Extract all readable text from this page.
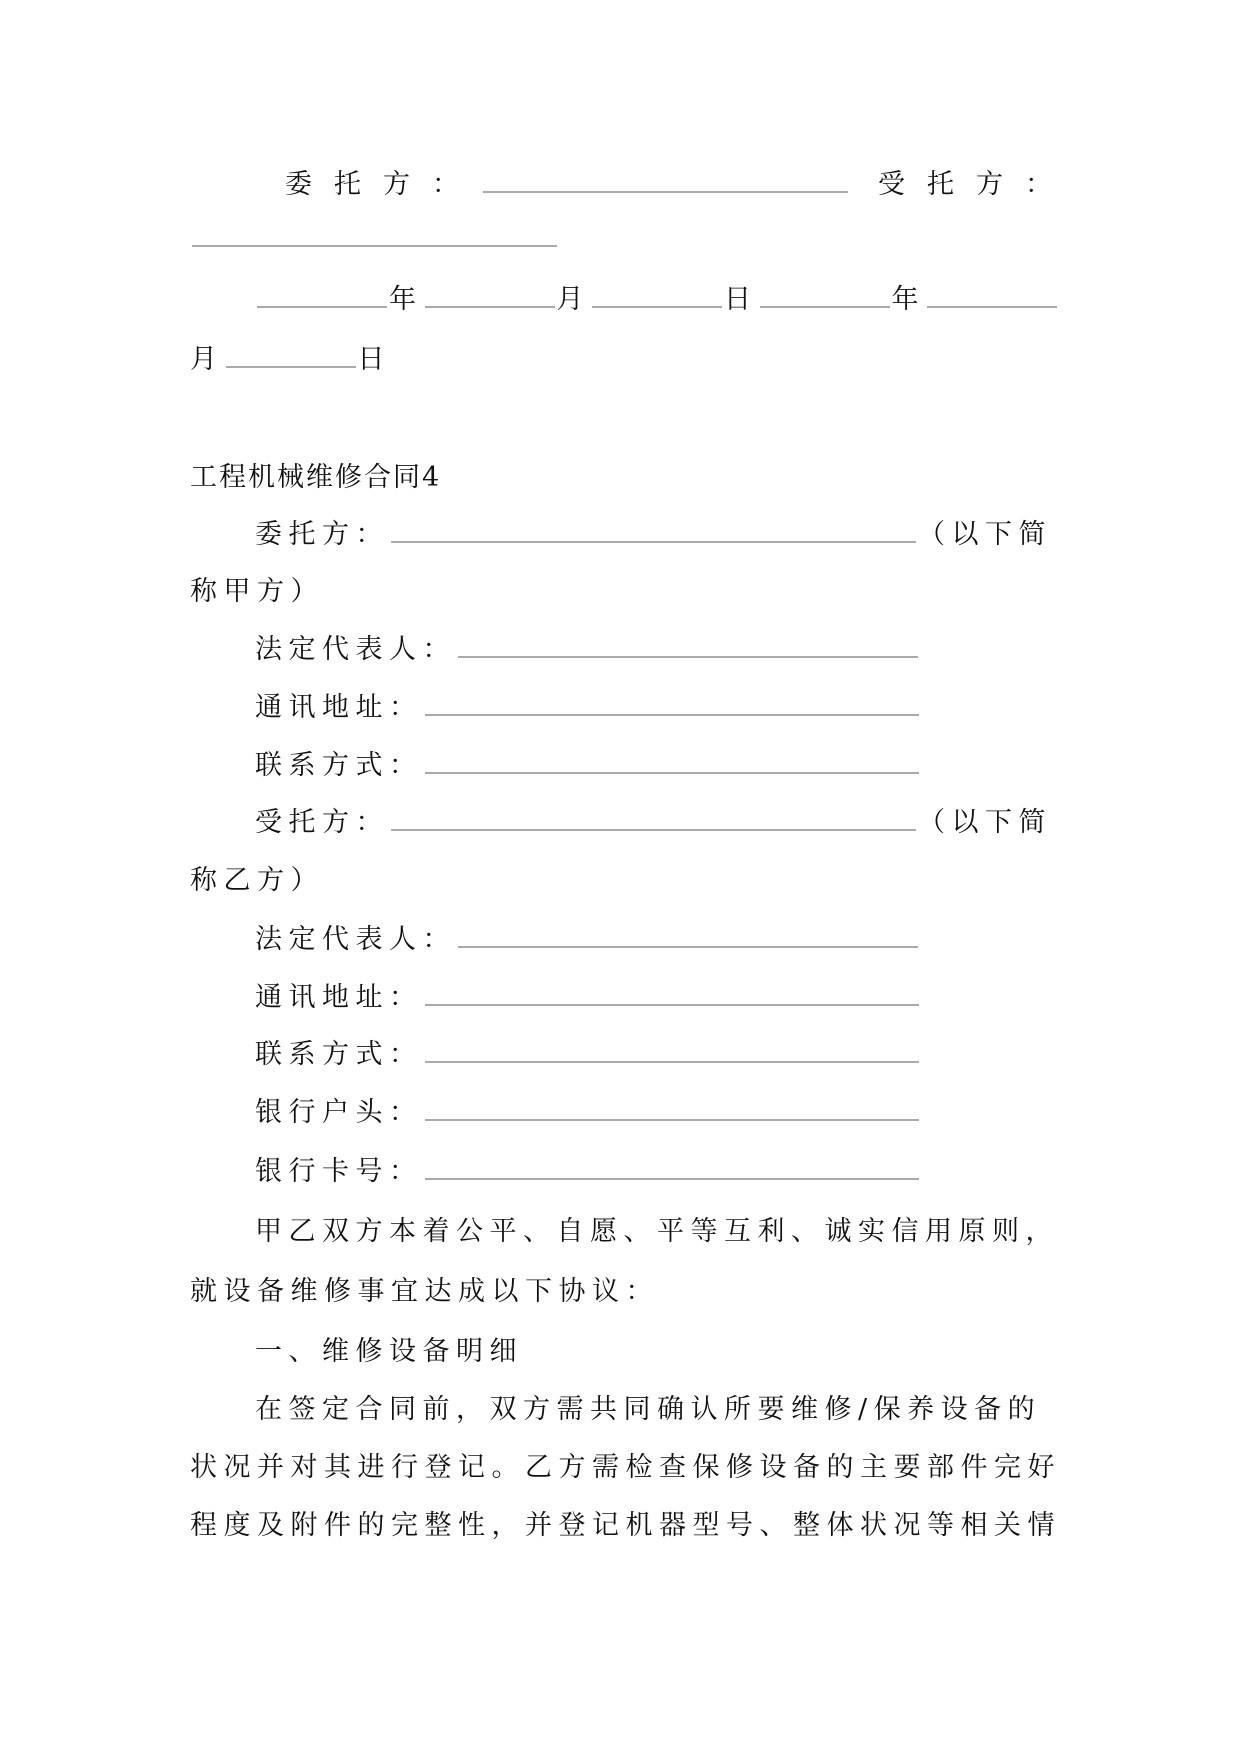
委托方：	受托方：
年	月	日	年
月	日
工程机械维修合同4
委托方：	（以下简
称甲方）
法定代表人：
通讯地址：
联系方式：
受托方：	（以下简
称乙方）
法定代表人：
通讯地址：
联系方式：
银行户头：
银行卡号：
甲乙双方本着公平、自愿、平等互利、诚实信用原则，
就设备维修事宜达成以下协议：
一、维修设备明细
在签定合同前，双方需共同确认所要维修/保养设备的
状况并对其进行登记。乙方需检查保修设备的主要部件完好
程度及附件的完整性，并登记机器型号、整体状况等相关情
